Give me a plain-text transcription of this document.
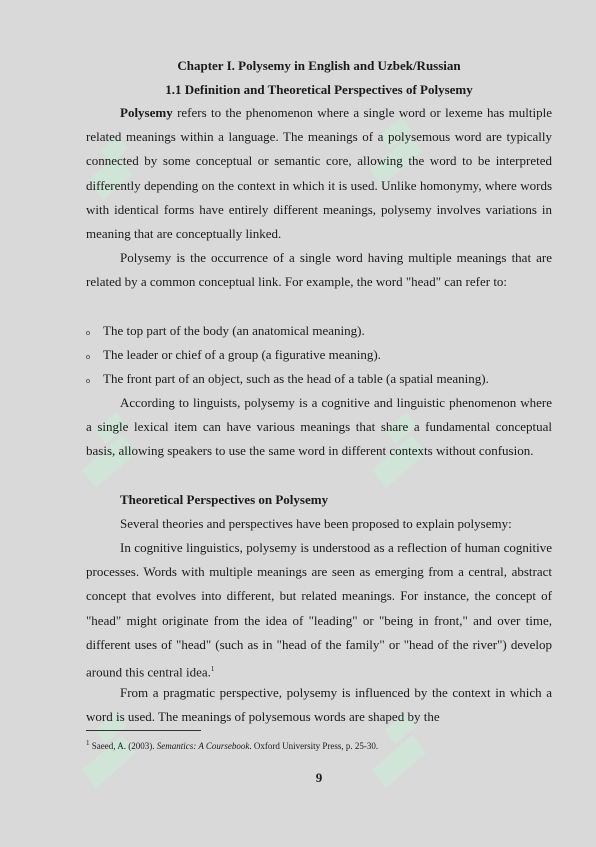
Chapter I. Polysemy in English and Uzbek/Russian
1.1 Definition and Theoretical Perspectives of Polysemy

Polysemy refers to the phenomenon where a single word or lexeme has multiple related meanings within a language. The meanings of a polysemous word are typically connected by some conceptual or semantic core, allowing the word to be interpreted differently depending on the context in which it is used. Unlike homonymy, where words with identical forms have entirely different meanings, polysemy involves variations in meaning that are conceptually linked.

Polysemy is the occurrence of a single word having multiple meanings that are related by a common conceptual link. For example, the word "head" can refer to:

o The top part of the body (an anatomical meaning).
o The leader or chief of a group (a figurative meaning).
o The front part of an object, such as the head of a table (a spatial meaning).

According to linguists, polysemy is a cognitive and linguistic phenomenon where a single lexical item can have various meanings that share a fundamental conceptual basis, allowing speakers to use the same word in different contexts without confusion.

Theoretical Perspectives on Polysemy

Several theories and perspectives have been proposed to explain polysemy:

In cognitive linguistics, polysemy is understood as a reflection of human cognitive processes. Words with multiple meanings are seen as emerging from a central, abstract concept that evolves into different, but related meanings. For instance, the concept of "head" might originate from the idea of "leading" or "being in front," and over time, different uses of "head" (such as in "head of the family" or "head of the river") develop around this central idea.$^1$

From a pragmatic perspective, polysemy is influenced by the context in which a word is used. The meanings of polysemous words are shaped by the

$^1$ Saeed, A. (2003). Semantics: A Coursebook. Oxford University Press, p. 25-30.
9
